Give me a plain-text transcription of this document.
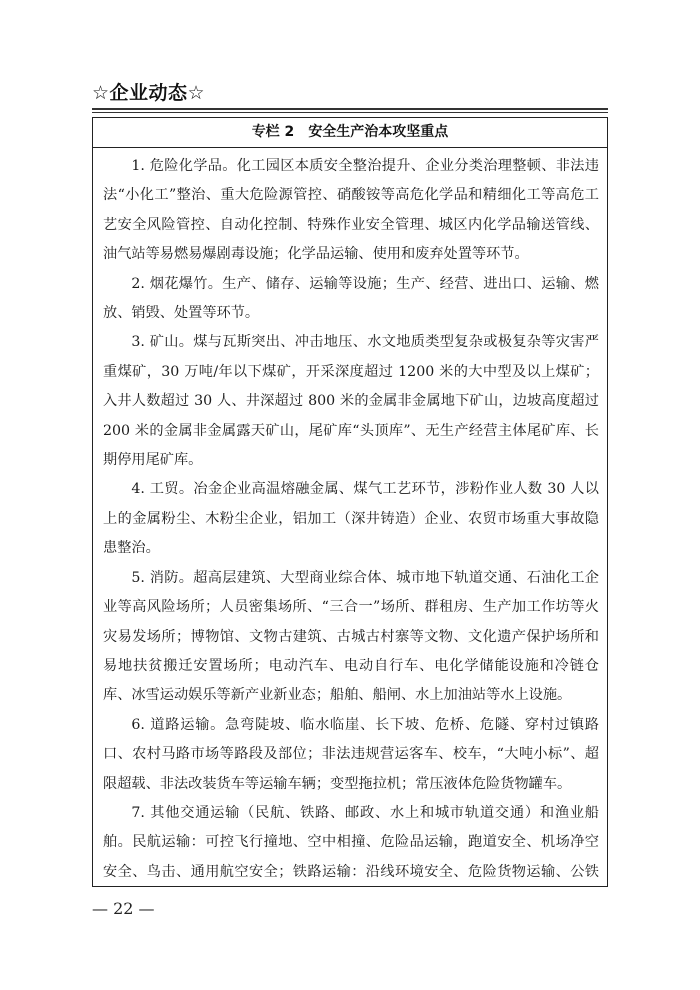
☆企业动态☆
专栏 2 安全生产治本攻坚重点

1. 危险化学品。化工园区本质安全整治提升、企业分类治理整顿、非法违法“小化工”整治、重大危险源管控、硝酸铵等高危化学品和精细化工等高危工艺安全风险管控、自动化控制、特殊作业安全管理、城区内化学品输送管线、油气站等易燃易爆剧毒设施；化学品运输、使用和废弃处置等环节。

2. 烟花爆竹。生产、储存、运输等设施；生产、经营、进出口、运输、燃放、销毁、处置等环节。

3. 矿山。煤与瓦斯突出、冲击地压、水文地质类型复杂或极复杂等灾害严重煤矿，30 万吨/年以下煤矿，开采深度超过 1200 米的大中型及以上煤矿；入井人数超过 30 人、井深超过 800 米的金属非金属地下矿山，边坡高度超过 200 米的金属非金属露天矿山，尾矿库“头顶库”、无生产经营主体尾矿库、长期停用尾矿库。

4. 工贸。冶金企业高温熔融金属、煤气工艺环节，涉粉作业人数 30 人以上的金属粉尘、木粉尘企业，铝加工（深井铸造）企业、农贸市场重大事故隐患整治。

5. 消防。超高层建筑、大型商业综合体、城市地下轨道交通、石油化工企业等高风险场所；人员密集场所、“三合一”场所、群租房、生产加工作坊等火灾易发场所；博物馆、文物古建筑、古城古村寨等文物、文化遗产保护场所和易地扶贫搬迁安置场所；电动汽车、电动自行车、电化学储能设施和冷链仓库、冰雪运动娱乐等新产业新业态；船舶、船闸、水上加油站等水上设施。

6. 道路运输。急弯陡坡、临水临崖、长下坡、危桥、危隧、穿村过镇路口、农村马路市场等路段及部位；非法违规营运客车、校车，“大吨小标”、超限超载、非法改装货车等运输车辆；变型拖拉机；常压液体危险货物罐车。

7. 其他交通运输（民航、铁路、邮政、水上和城市轨道交通）和渔业船舶。民航运输：可控飞行撞地、空中相撞、危险品运输，跑道安全、机场净空安全、鸟击、通用航空安全；铁路运输：沿线环境安全、危险货物运输、公铁

— 22 —
